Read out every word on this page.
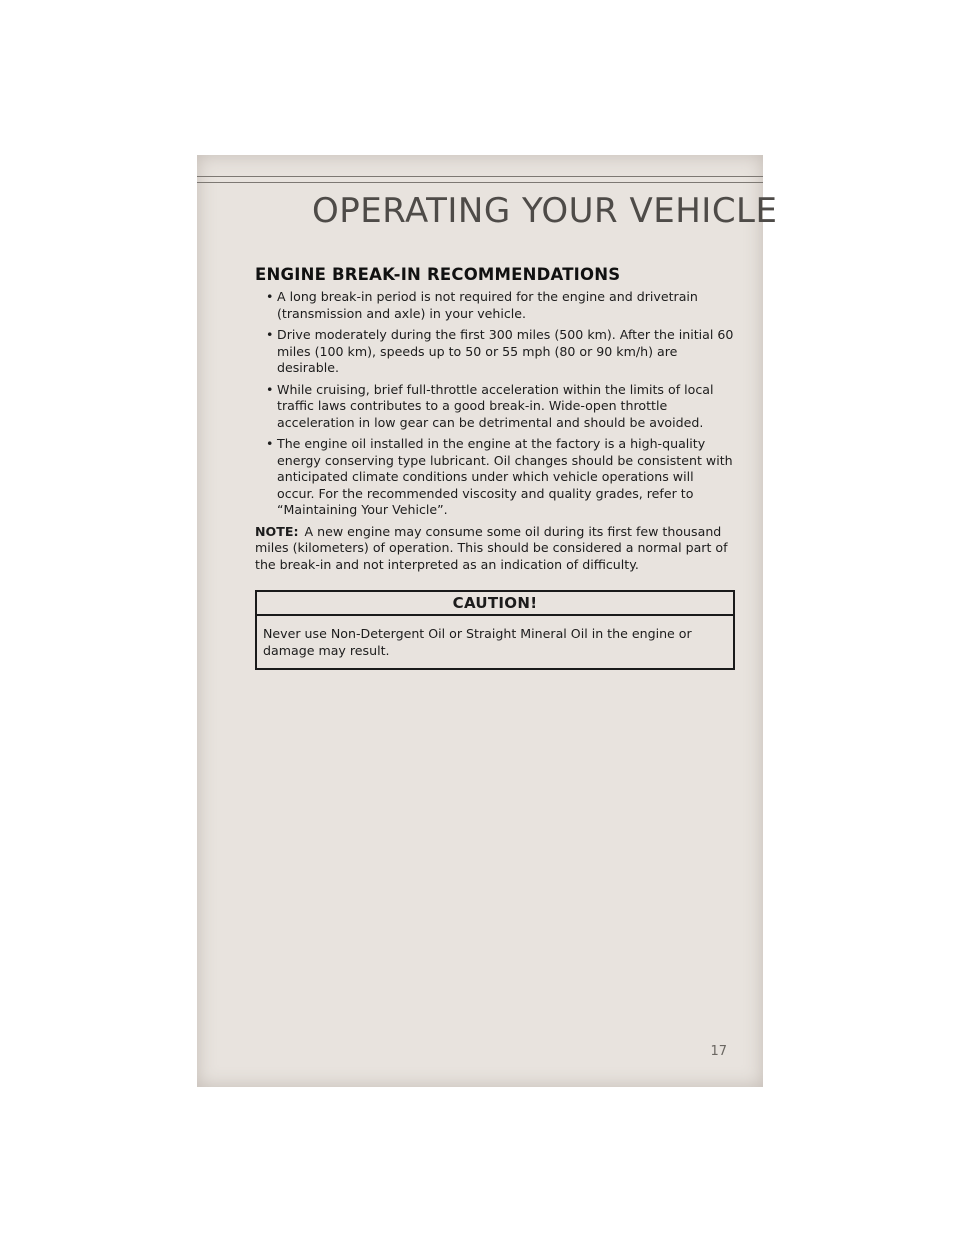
OPERATING YOUR VEHICLE
ENGINE BREAK-IN RECOMMENDATIONS
• A long break-in period is not required for the engine and drivetrain (transmission and axle) in your vehicle.
• Drive moderately during the first 300 miles (500 km). After the initial 60 miles (100 km), speeds up to 50 or 55 mph (80 or 90 km/h) are desirable.
• While cruising, brief full-throttle acceleration within the limits of local traffic laws contributes to a good break-in. Wide-open throttle acceleration in low gear can be detrimental and should be avoided.
• The engine oil installed in the engine at the factory is a high-quality energy conserving type lubricant. Oil changes should be consistent with anticipated climate conditions under which vehicle operations will occur. For the recommended viscosity and quality grades, refer to “Maintaining Your Vehicle”.
NOTE: A new engine may consume some oil during its first few thousand miles (kilometers) of operation. This should be considered a normal part of the break-in and not interpreted as an indication of difficulty.
CAUTION!
Never use Non-Detergent Oil or Straight Mineral Oil in the engine or damage may result.
17
